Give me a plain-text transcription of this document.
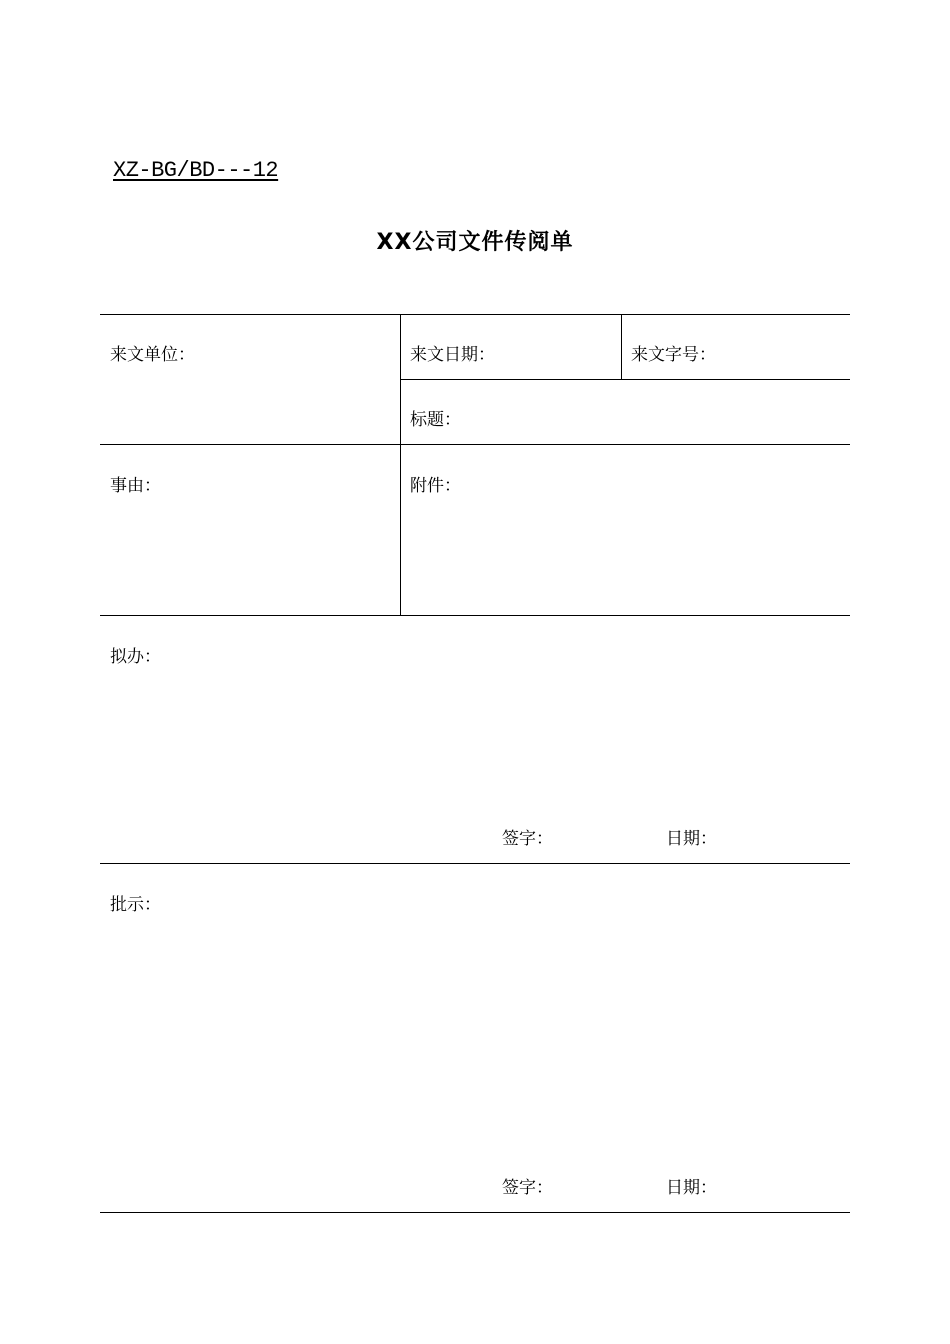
XZ-BG/BD---12
XX公司文件传阅单
来文单位：	来文日期：	来文字号：
标题：
事由：	附件：
拟办：
签字：	日期：
批示：
签字：	日期：
